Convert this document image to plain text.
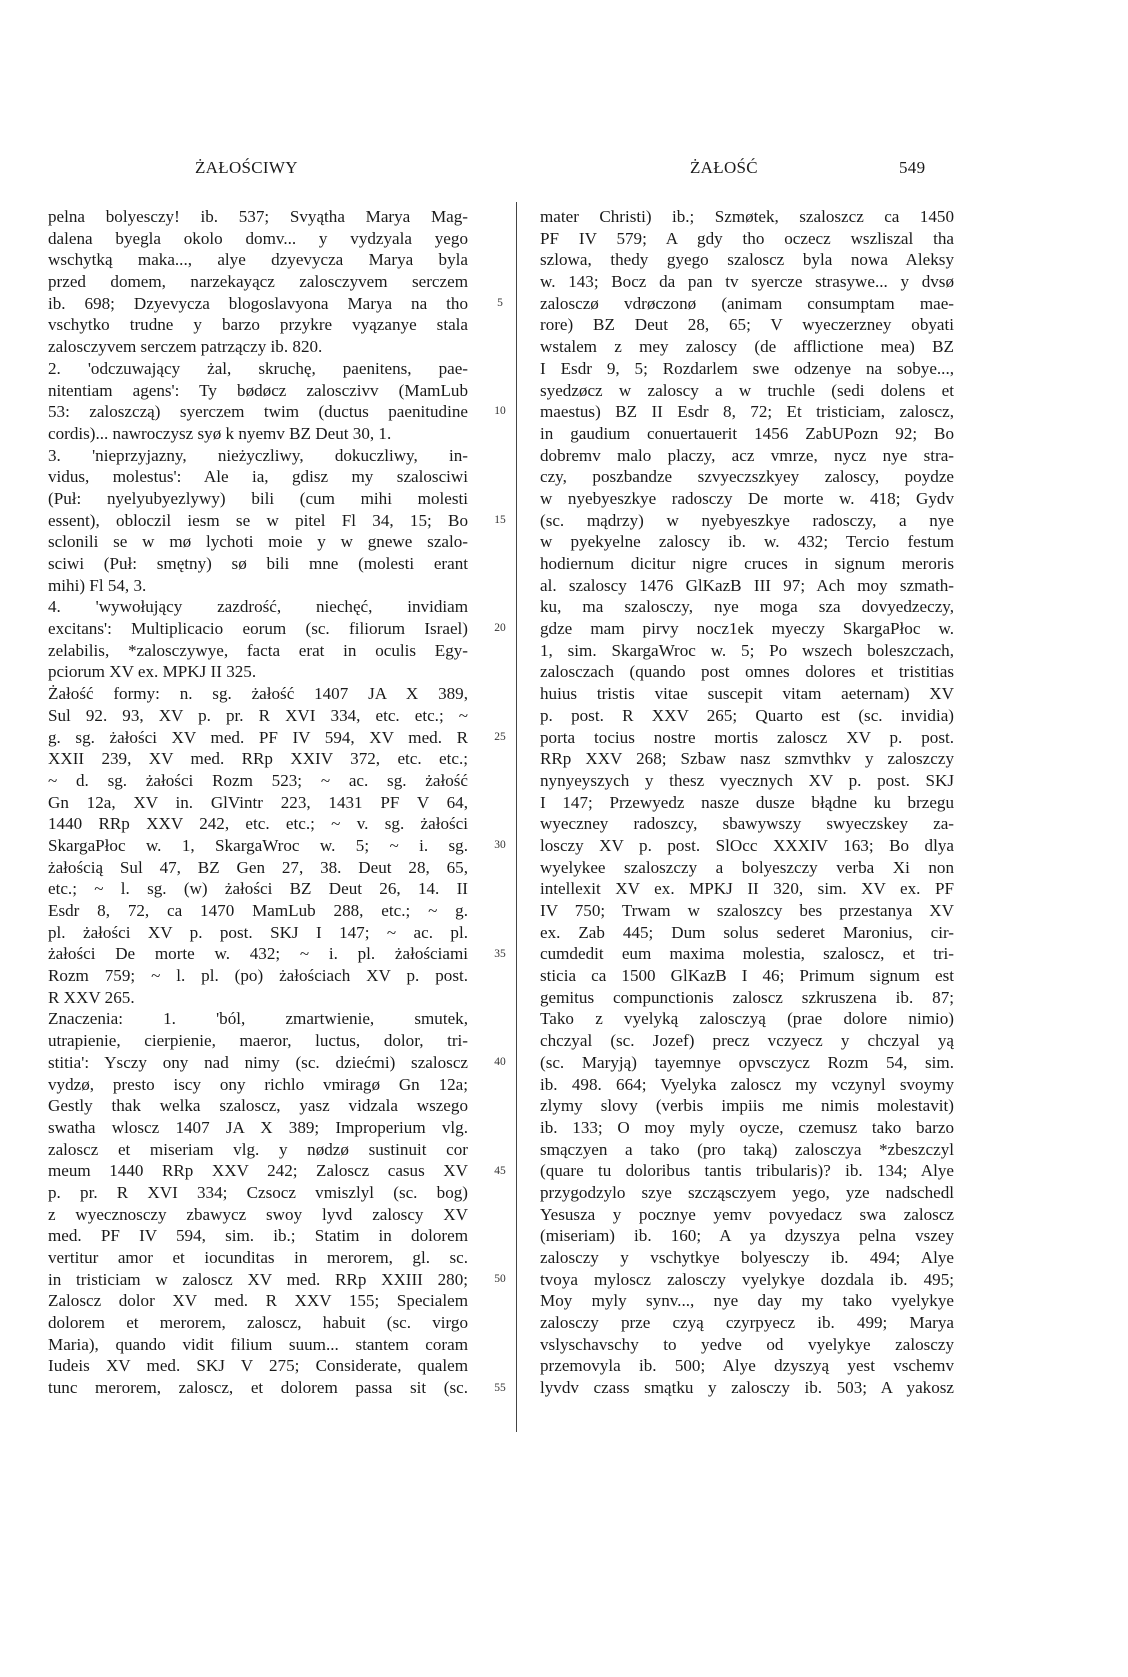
ŻAŁOŚCIWY	ŻAŁOŚĆ	549
pelna bolyesczy! ib. 537; Svyątha Marya Mag-
dalena byegla okolo domv... y vydzyala yego
wschytką maka..., alye dzyevycza Marya byla
przed domem, narzekayącz zalosczyvem serczem
ib. 698; Dzyevycza blogoslavyona Marya na tho
vschytko trudne y barzo przykre vyązanye stala
zalosczyvem serczem patrzączy ib. 820.
2. 'odczuwający żal, skruchę, paenitens, pae-
nitentiam agens': Ty bødøcz zalosczivv (MamLub
53: zaloszczą) syerczem twim (ductus paenitudine
cordis)... nawroczysz syø k nyemv BZ Deut 30, 1.
3. 'nieprzyjazny, nieżyczliwy, dokuczliwy, in-
vidus, molestus': Ale ia, gdisz my szalosciwi
(Puł: nyelyubyezlywy) bili (cum mihi molesti
essent), obloczil iesm se w pitel Fl 34, 15; Bo
sclonili se w mø lychoti moie y w gnewe szalo-
sciwi (Puł: smętny) sø bili mne (molesti erant
mihi) Fl 54, 3.
4. 'wywołujący zazdrość, niechęć, invidiam
excitans': Multiplicacio eorum (sc. filiorum Israel)
zelabilis, *zalosczywye, facta erat in oculis Egy-
pciorum XV ex. MPKJ II 325.
Żałość formy: n. sg. żałość 1407 JA X 389,
Sul 92. 93, XV p. pr. R XVI 334, etc. etc.; ~
g. sg. żałości XV med. PF IV 594, XV med. R
XXII 239, XV med. RRp XXIV 372, etc. etc.;
~ d. sg. żałości Rozm 523; ~ ac. sg. żałość
Gn 12a, XV in. GlVintr 223, 1431 PF V 64,
1440 RRp XXV 242, etc. etc.; ~ v. sg. żałości
SkargaPłoc w. 1, SkargaWroc w. 5; ~ i. sg.
żałością Sul 47, BZ Gen 27, 38. Deut 28, 65,
etc.; ~ l. sg. (w) żałości BZ Deut 26, 14. II
Esdr 8, 72, ca 1470 MamLub 288, etc.; ~ g.
pl. żałości XV p. post. SKJ I 147; ~ ac. pl.
żałości De morte w. 432; ~ i. pl. żałościami
Rozm 759; ~ l. pl. (po) żałościach XV p. post.
R XXV 265.
Znaczenia: 1. 'ból, zmartwienie, smutek,
utrapienie, cierpienie, maeror, luctus, dolor, tri-
stitia': Ysczy ony nad nimy (sc. dziećmi) szaloscz
vydzø, presto iscy ony richlo vmiragø Gn 12a;
Gestly thak welka szaloscz, yasz vidzala wszego
swatha wloscz 1407 JA X 389; Improperium vlg.
zaloscz et miseriam vlg. y nødzø sustinuit cor
meum 1440 RRp XXV 242; Zaloscz casus XV
p. pr. R XVI 334; Czsocz vmiszlyl (sc. bog)
z wyecznosczy zbawycz swoy lyvd zaloscy XV
med. PF IV 594, sim. ib.; Statim in dolorem
vertitur amor et iocunditas in merorem, gl. sc.
in tristiciam w zaloscz XV med. RRp XXIII 280;
Zaloscz dolor XV med. R XXV 155; Specialem
dolorem et merorem, zaloscz, habuit (sc. virgo
Maria), quando vidit filium suum... stantem coram
Iudeis XV med. SKJ V 275; Considerate, qualem
tunc merorem, zaloscz, et dolorem passa sit (sc.
5
10
15
20
25
30
35
40
45
50
55
mater Christi) ib.; Szmøtek, szaloszcz ca 1450
PF IV 579; A gdy tho oczecz wszliszal tha
szlowa, thedy gyego szaloscz byla nowa Aleksy
w. 143; Bocz da pan tv syercze strasywe... y dvsø
zalosczø vdrøczonø (animam consumptam mae-
rore) BZ Deut 28, 65; V wyeczerzney obyati
wstalem z mey zaloscy (de afflictione mea) BZ
I Esdr 9, 5; Rozdarlem swe odzenye na sobye...,
syedzøcz w zaloscy a w truchle (sedi dolens et
maestus) BZ II Esdr 8, 72; Et tristiciam, zaloscz,
in gaudium conuertauerit 1456 ZabUPozn 92; Bo
dobremv malo placzy, acz vmrze, nycz nye stra-
czy, poszbandze szvyeczszkyey zaloscy, poydze
w nyebyeszkye radosczy De morte w. 418; Gydv
(sc. mądrzy) w nyebyeszkye radosczy, a nye
w pyekyelne zaloscy ib. w. 432; Tercio festum
hodiernum dicitur nigre cruces in signum meroris
al. szaloscy 1476 GlKazB III 97; Ach moy szmath-
ku, ma szalosczy, nye moga sza dovyedzeczy,
gdze mam pirvy nocz1ek myeczy SkargaPłoc w.
1, sim. SkargaWroc w. 5; Po wszech boleszczach,
zalosczach (quando post omnes dolores et tristitias
huius tristis vitae suscepit vitam aeternam) XV
p. post. R XXV 265; Quarto est (sc. invidia)
porta tocius nostre mortis zaloscz XV p. post.
RRp XXV 268; Szbaw nasz szmvthkv y zaloszczy
nynyeyszych y thesz vyecznych XV p. post. SKJ
I 147; Przewyedz nasze dusze błądne ku brzegu
wyeczney radoszcy, sbawywszy swyeczskey za-
losczy XV p. post. SlOcc XXXIV 163; Bo dlya
wyelykee szaloszczy a bolyeszczy verba Xi non
intellexit XV ex. MPKJ II 320, sim. XV ex. PF
IV 750; Trwam w szaloszcy bes przestanya XV
ex. Zab 445; Dum solus sederet Maronius, cir-
cumdedit eum maxima molestia, szaloscz, et tri-
sticia ca 1500 GlKazB I 46; Primum signum est
gemitus compunctionis zaloscz szkruszena ib. 87;
Tako z vyelyką zalosczyą (prae dolore nimio)
chczyal (sc. Jozef) precz vczyecz y chczyal yą
(sc. Maryją) tayemnye opvsczycz Rozm 54, sim.
ib. 498. 664; Vyelyka zaloscz my vczynyl svoymy
zlymy slovy (verbis impiis me nimis molestavit)
ib. 133; O moy myly oycze, czemusz tako barzo
smączyen a tako (pro taką) zalosczya *zbeszczyl
(quare tu doloribus tantis tribularis)? ib. 134; Alye
przygodzylo szye szcząsczyem yego, yze nadschedl
Yesusza y pocznye yemv povyedacz swa zaloscz
(miseriam) ib. 160; A ya dzyszya pelna vszey
zalosczy y vschytkye bolyesczy ib. 494; Alye
tvoya myloscz zalosczy vyelykye dozdala ib. 495;
Moy myly synv..., nye day my tako vyelykye
zalosczy prze czyą czyrpyecz ib. 499; Marya
vslyschavschy to yedve od vyelykye zalosczy
przemovyla ib. 500; Alye dzyszyą yest vschemv
lyvdv czass smątku y zalosczy ib. 503; A yakosz
